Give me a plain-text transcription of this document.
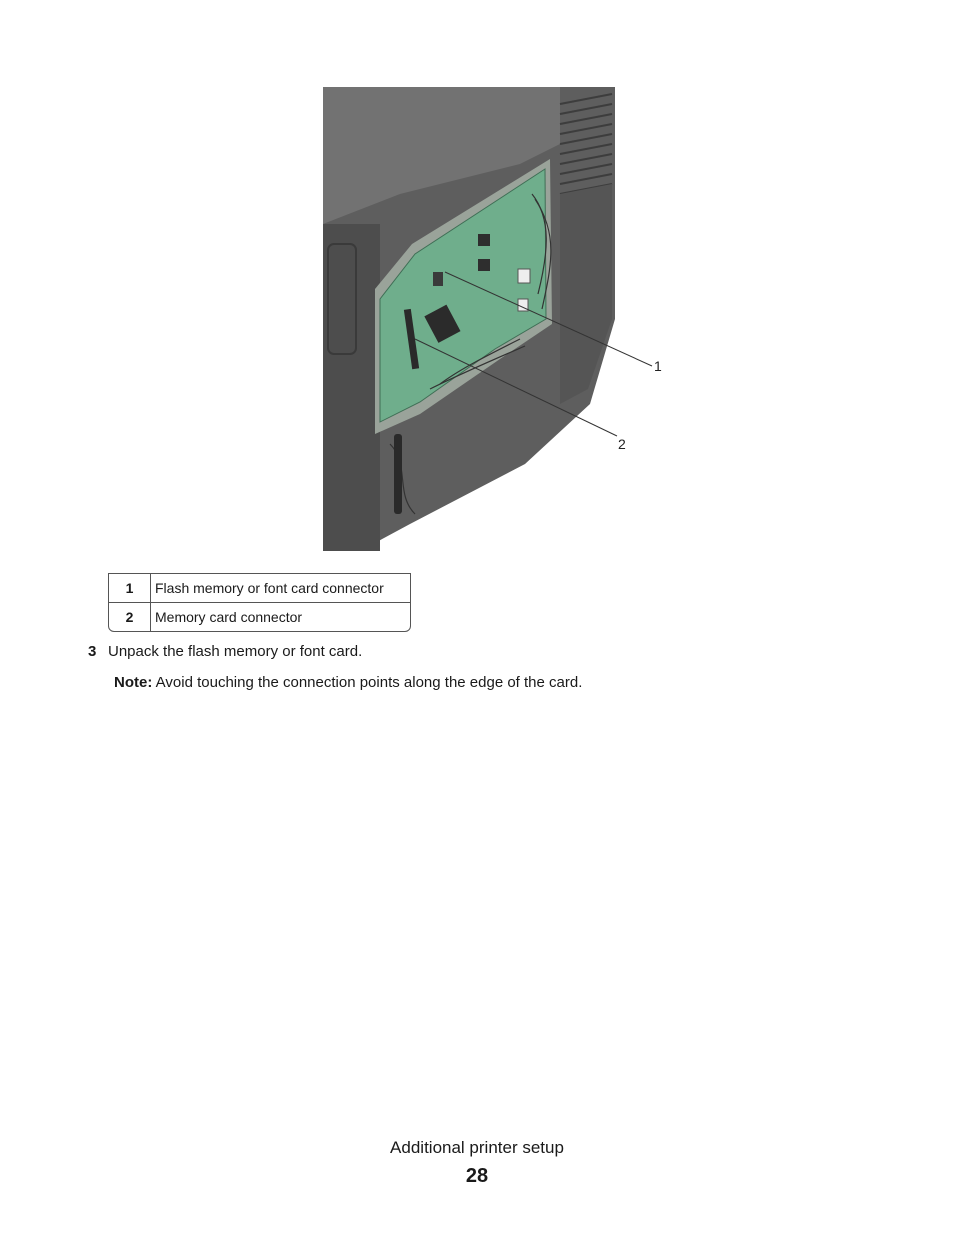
1
2
1	Flash memory or font card connector
2	Memory card connector
3 Unpack the flash memory or font card.
Note: Avoid touching the connection points along the edge of the card.
Additional printer setup
28
